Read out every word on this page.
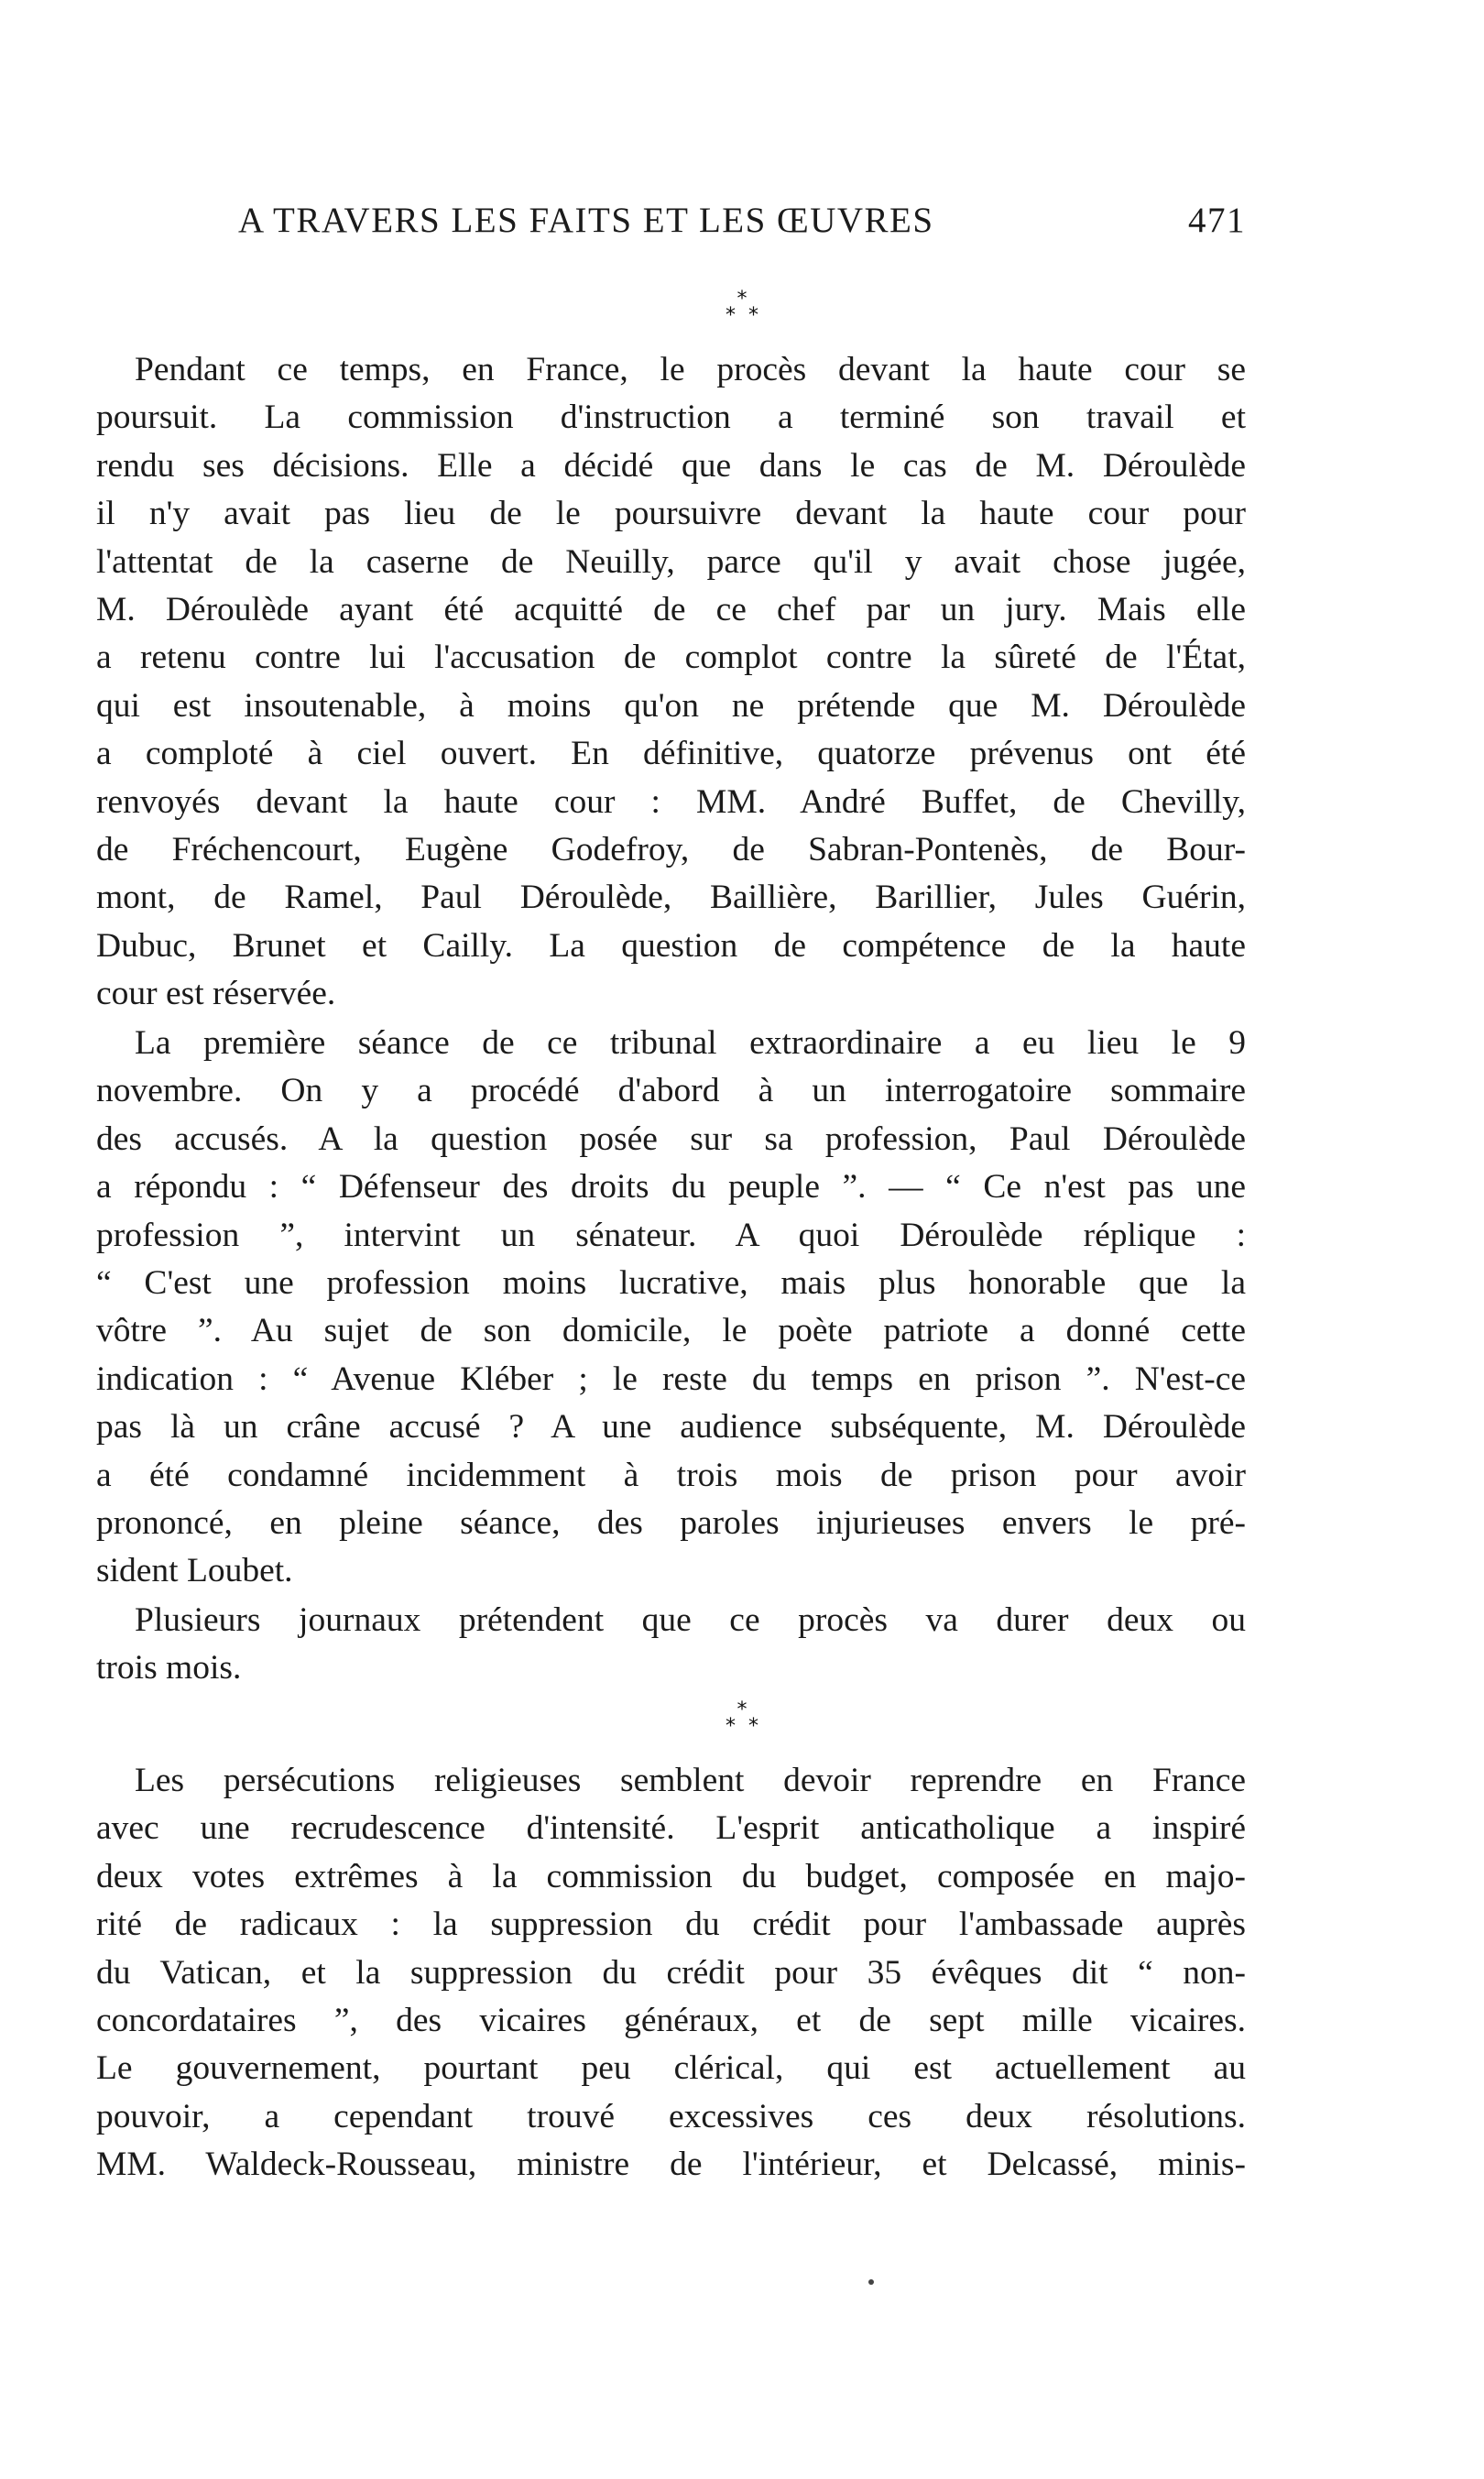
A TRAVERS LES FAITS ET LES ŒUVRES	471
*
**
Pendant ce temps, en France, le procès devant la haute cour se
poursuit. La commission d'instruction a terminé son travail et
rendu ses décisions. Elle a décidé que dans le cas de M. Déroulède
il n'y avait pas lieu de le poursuivre devant la haute cour pour
l'attentat de la caserne de Neuilly, parce qu'il y avait chose jugée,
M. Déroulède ayant été acquitté de ce chef par un jury. Mais elle
a retenu contre lui l'accusation de complot contre la sûreté de l'État,
qui est insoutenable, à moins qu'on ne prétende que M. Déroulède
a comploté à ciel ouvert. En définitive, quatorze prévenus ont été
renvoyés devant la haute cour : MM. André Buffet, de Chevilly,
de Fréchencourt, Eugène Godefroy, de Sabran-Pontenès, de Bour-
mont, de Ramel, Paul Déroulède, Baillière, Barillier, Jules Guérin,
Dubuc, Brunet et Cailly. La question de compétence de la haute
cour est réservée.
La première séance de ce tribunal extraordinaire a eu lieu le 9
novembre. On y a procédé d'abord à un interrogatoire sommaire
des accusés. A la question posée sur sa profession, Paul Déroulède
a répondu : “ Défenseur des droits du peuple ”. — “ Ce n'est pas une
profession ”, intervint un sénateur. A quoi Déroulède réplique :
“ C'est une profession moins lucrative, mais plus honorable que la
vôtre ”. Au sujet de son domicile, le poète patriote a donné cette
indication : “ Avenue Kléber ; le reste du temps en prison ”. N'est-ce
pas là un crâne accusé ? A une audience subséquente, M. Déroulède
a été condamné incidemment à trois mois de prison pour avoir
prononcé, en pleine séance, des paroles injurieuses envers le pré-
sident Loubet.
Plusieurs journaux prétendent que ce procès va durer deux ou
trois mois.
*
**
Les persécutions religieuses semblent devoir reprendre en France
avec une recrudescence d'intensité. L'esprit anticatholique a inspiré
deux votes extrêmes à la commission du budget, composée en majo-
rité de radicaux : la suppression du crédit pour l'ambassade auprès
du Vatican, et la suppression du crédit pour 35 évêques dit “ non-
concordataires ”, des vicaires généraux, et de sept mille vicaires.
Le gouvernement, pourtant peu clérical, qui est actuellement au
pouvoir, a cependant trouvé excessives ces deux résolutions.
MM. Waldeck-Rousseau, ministre de l'intérieur, et Delcassé, minis-
